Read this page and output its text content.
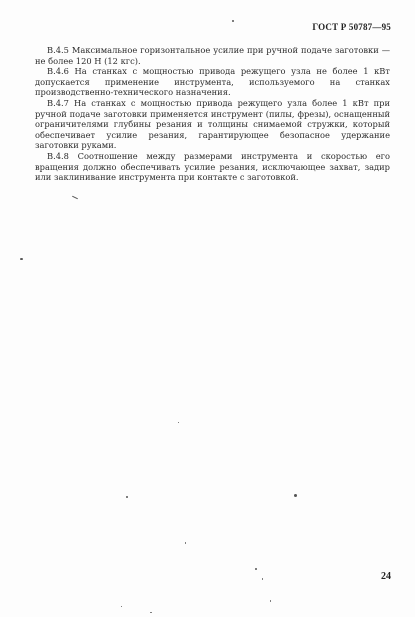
ГОСТ Р 50787—95

В.4.5 Максимальное горизонтальное усилие при ручной подаче заготовки — не более 120 Н (12 кгс).

В.4.6 На станках с мощностью привода режущего узла не более 1 кВт допускается применение инструмента, используемого на станках производственно-технического назначения.

В.4.7 На станках с мощностью привода режущего узла более 1 кВт при ручной подаче заготовки применяется инструмент (пилы, фрезы), оснащенный ограничителями глубины резания и толщины снимаемой стружки, который обеспечивает усилие резания, гарантирующее безопасное удержание заготовки руками.

В.4.8 Соотношение между размерами инструмента и скоростью его вращения должно обеспечивать усилие резания, исключающее захват, задир или заклинивание инструмента при контакте с заготовкой.

24
